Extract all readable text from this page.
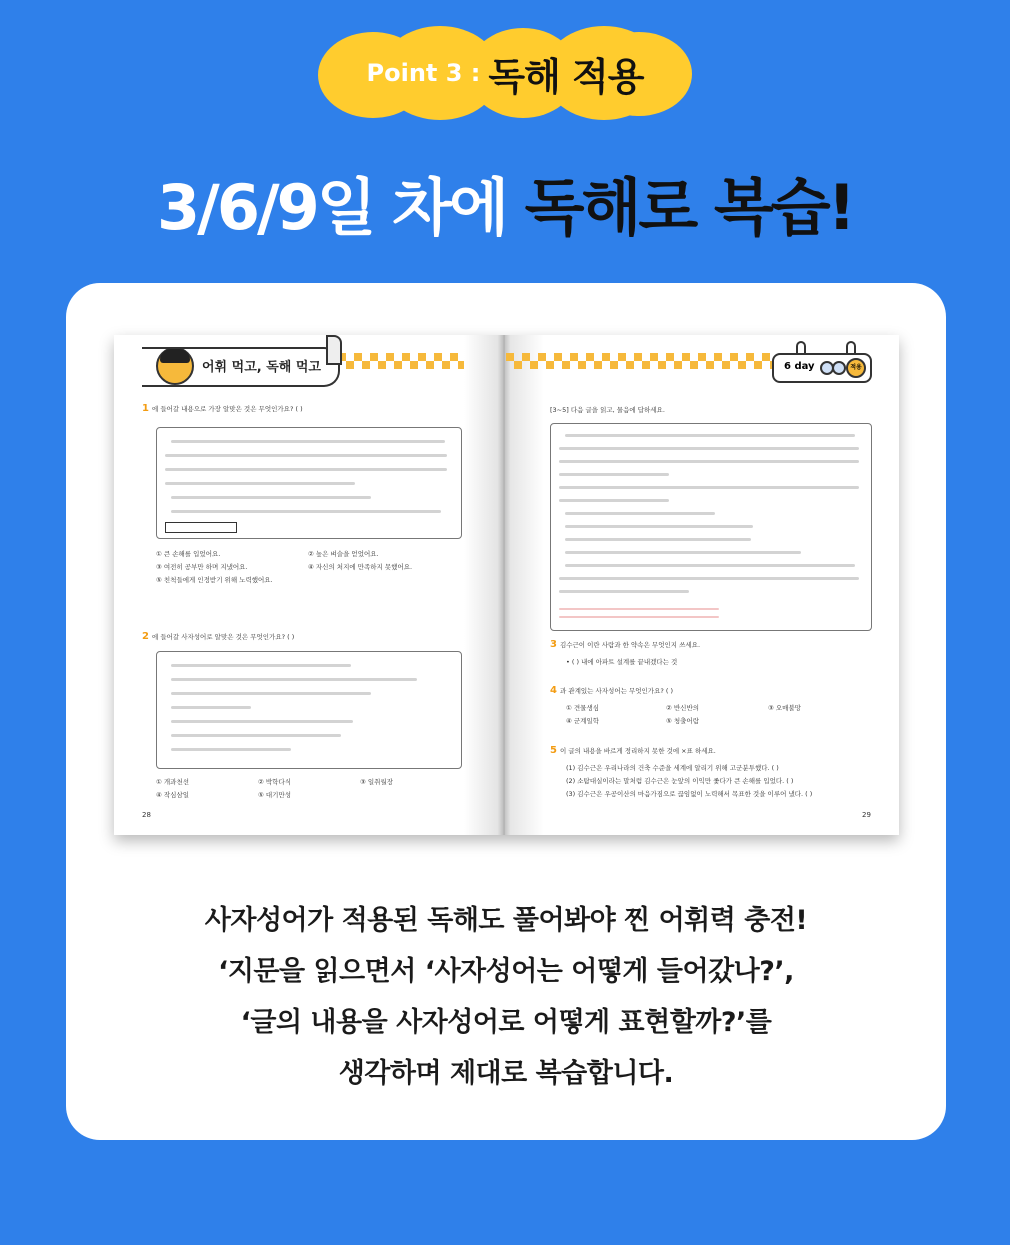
Point 3 : 독해 적용
3/6/9일 차에 독해로 복습!
어휘 먹고, 독해 먹고
1 에 들어갈 내용으로 가장 알맞은 것은 무엇인가요? ( )
① 큰 손해를 입었어요.	② 높은 벼슬을 얻었어요.
③ 여전히 공부만 하며 지냈어요.	④ 자신의 처지에 만족하지 못했어요.
⑤ 친척들에게 인정받기 위해 노력했어요.
2 에 들어갈 사자성어로 알맞은 것은 무엇인가요? ( )
① 개과천선	② 박학다식	③ 일취월장
④ 작심삼일	⑤ 대기만성
28
6 day	적용
[3~5] 다음 글을 읽고, 물음에 답하세요.
3 김수근이 이란 사람과 한 약속은 무엇인지 쓰세요.
• ( ) 내에 아파트 설계를 끝내겠다는 것
4 과 관계있는 사자성어는 무엇인가요? ( )
① 견물생심	② 반신반의	③ 오매불망
④ 군계일학	⑤ 청출어람
5 이 글의 내용을 바르게 정리하지 못한 것에 ×표 하세요.
(1) 김수근은 우리나라의 건축 수준을 세계에 알리기 위해 고군분투했다. ( )
(2) 소탐대실이라는 말처럼 김수근은 눈앞의 이익만 좇다가 큰 손해를 입었다. ( )
(3) 김수근은 우공이산의 마음가짐으로 끊임없이 노력해서 목표한 것을 이루어 냈다. ( )
29
사자성어가 적용된 독해도 풀어봐야 찐 어휘력 충전!
‘지문을 읽으면서 ‘사자성어는 어떻게 들어갔나?’,
‘글의 내용을 사자성어로 어떻게 표현할까?’를
생각하며 제대로 복습합니다.
